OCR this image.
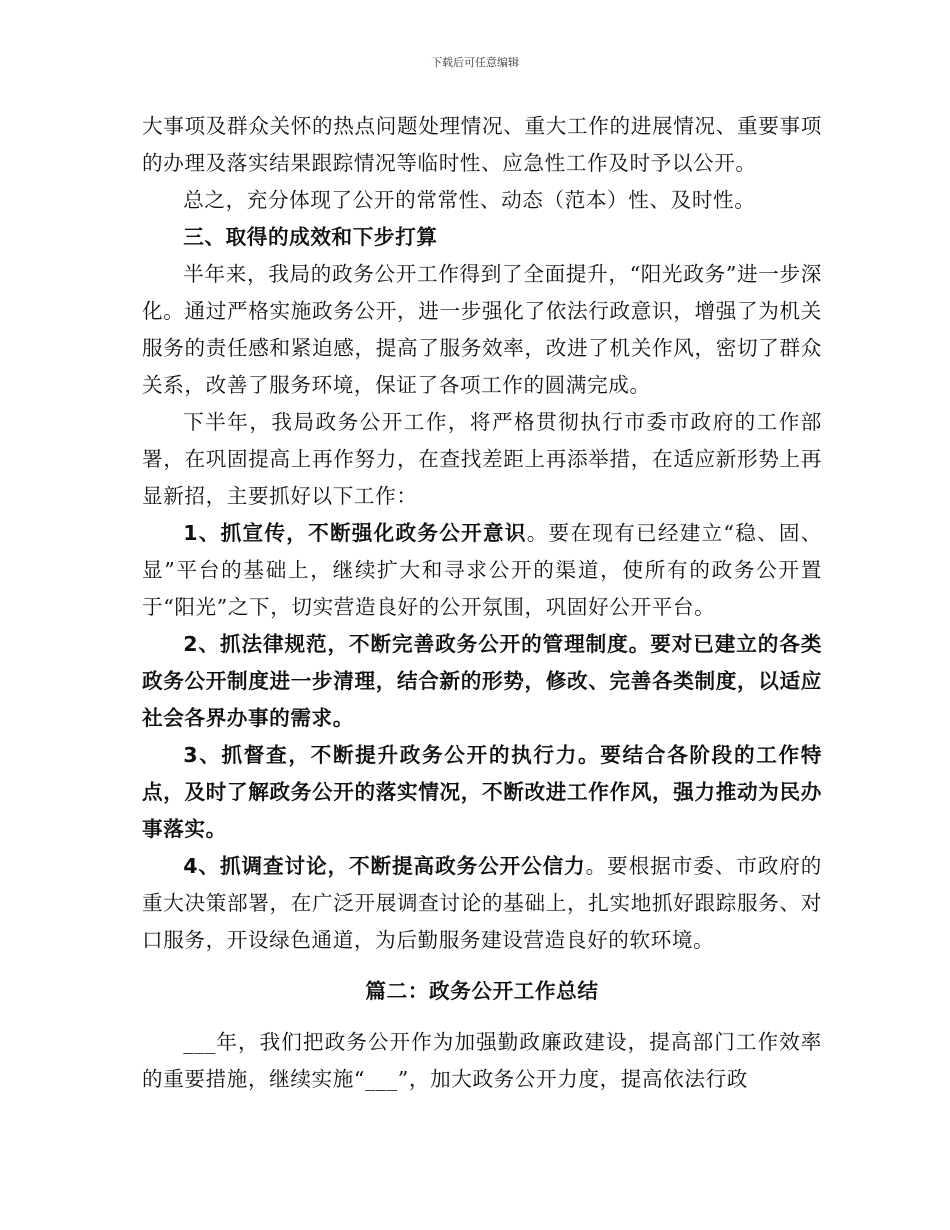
下载后可任意编辑

大事项及群众关怀的热点问题处理情况、重大工作的进展情况、重要事项的办理及落实结果跟踪情况等临时性、应急性工作及时予以公开。

总之，充分体现了公开的常常性、动态（范本）性、及时性。

三、取得的成效和下步打算

半年来，我局的政务公开工作得到了全面提升，“阳光政务”进一步深化。通过严格实施政务公开，进一步强化了依法行政意识，增强了为机关服务的责任感和紧迫感，提高了服务效率，改进了机关作风，密切了群众关系，改善了服务环境，保证了各项工作的圆满完成。

下半年，我局政务公开工作，将严格贯彻执行市委市政府的工作部署，在巩固提高上再作努力，在查找差距上再添举措，在适应新形势上再显新招，主要抓好以下工作：

1、抓宣传，不断强化政务公开意识。要在现有已经建立“稳、固、显”平台的基础上，继续扩大和寻求公开的渠道，使所有的政务公开置于“阳光”之下，切实营造良好的公开氛围，巩固好公开平台。

2、抓法律规范，不断完善政务公开的管理制度。要对已建立的各类政务公开制度进一步清理，结合新的形势，修改、完善各类制度，以适应社会各界办事的需求。

3、抓督查，不断提升政务公开的执行力。要结合各阶段的工作特点，及时了解政务公开的落实情况，不断改进工作作风，强力推动为民办事落实。

4、抓调查讨论，不断提高政务公开公信力。要根据市委、市政府的重大决策部署，在广泛开展调查讨论的基础上，扎实地抓好跟踪服务、对口服务，开设绿色通道，为后勤服务建设营造良好的软环境。

篇二：政务公开工作总结

___年，我们把政务公开作为加强勤政廉政建设，提高部门工作效率的重要措施，继续实施“___”，加大政务公开力度，提高依法行政
